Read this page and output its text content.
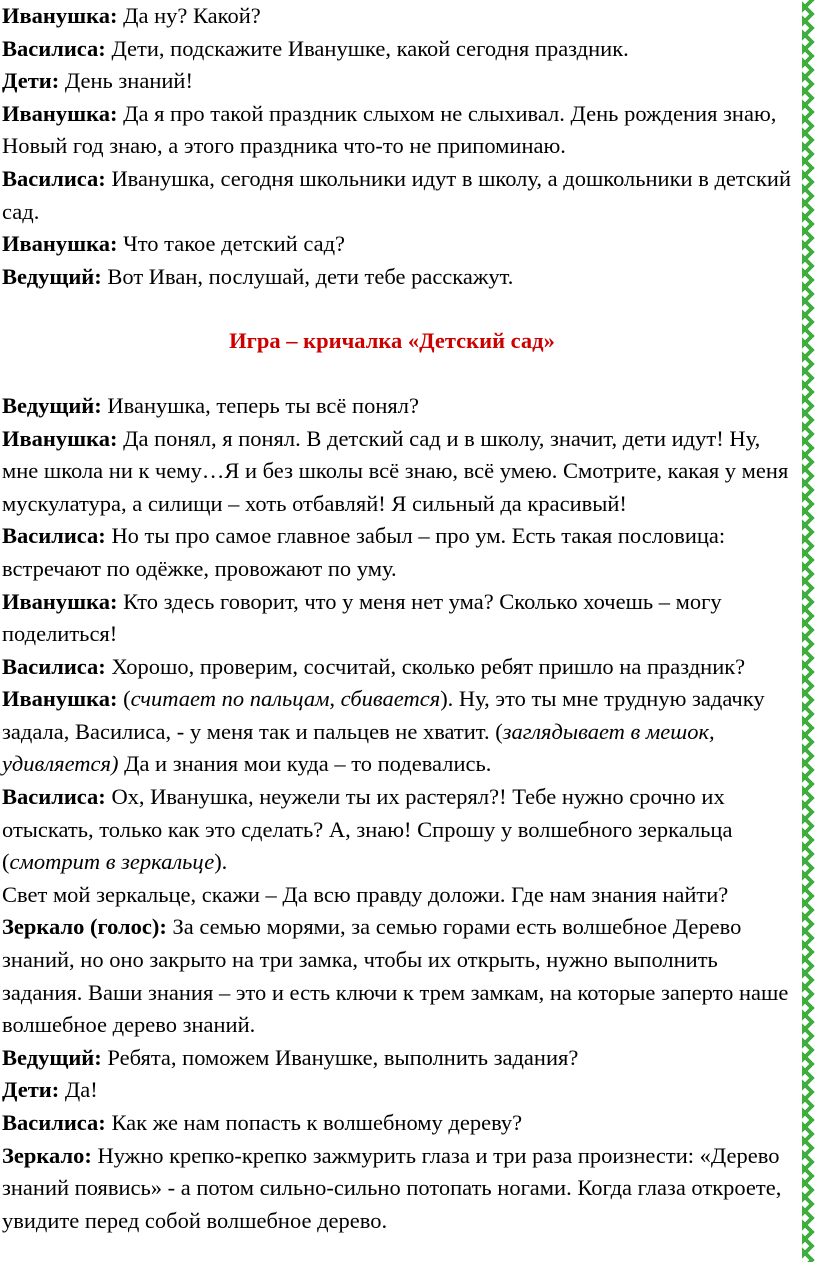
Иванушка: Да ну? Какой?

Василиса: Дети, подскажите Иванушке, какой сегодня праздник.

Дети: День знаний!

Иванушка: Да я про такой праздник слыхом не слыхивал. День рождения знаю, Новый год знаю, а этого праздника что-то не припоминаю.

Василиса: Иванушка, сегодня школьники идут в школу, а дошкольники в детский сад.

Иванушка: Что такое детский сад?

Ведущий: Вот Иван, послушай, дети тебе расскажут.

Игра – кричалка «Детский сад»

Ведущий: Иванушка, теперь ты всё понял?

Иванушка: Да понял, я понял. В детский сад и в школу, значит, дети идут! Ну, мне школа ни к чему…Я и без школы всё знаю, всё умею. Смотрите, какая у меня мускулатура, а силищи – хоть отбавляй! Я сильный да красивый!

Василиса: Но ты про самое главное забыл – про ум. Есть такая пословица: встречают по одёжке, провожают по уму.

Иванушка: Кто здесь говорит, что у меня нет ума? Сколько хочешь – могу поделиться!

Василиса: Хорошо, проверим, сосчитай, сколько ребят пришло на праздник?

Иванушка: (считает по пальцам, сбивается). Ну, это ты мне трудную задачку задала, Василиса, - у меня так и пальцев не хватит. (заглядывает в мешок, удивляется) Да и знания мои куда – то подевались.

Василиса: Ох, Иванушка, неужели ты их растерял?! Тебе нужно срочно их отыскать, только как это сделать? А, знаю! Спрошу у волшебного зеркальца (смотрит в зеркальце).

Свет мой зеркальце, скажи – Да всю правду доложи. Где нам знания найти?

Зеркало (голос): За семью морями, за семью горами есть волшебное Дерево знаний, но оно закрыто на три замка, чтобы их открыть, нужно выполнить задания. Ваши знания – это и есть ключи к трем замкам, на которые заперто наше волшебное дерево знаний.

Ведущий: Ребята, поможем Иванушке, выполнить задания?

Дети: Да!

Василиса: Как же нам попасть к волшебному дереву?

Зеркало: Нужно крепко-крепко зажмурить глаза и три раза произнести: «Дерево знаний появись» - а потом сильно-сильно потопать ногами. Когда глаза откроете, увидите перед собой волшебное дерево.
